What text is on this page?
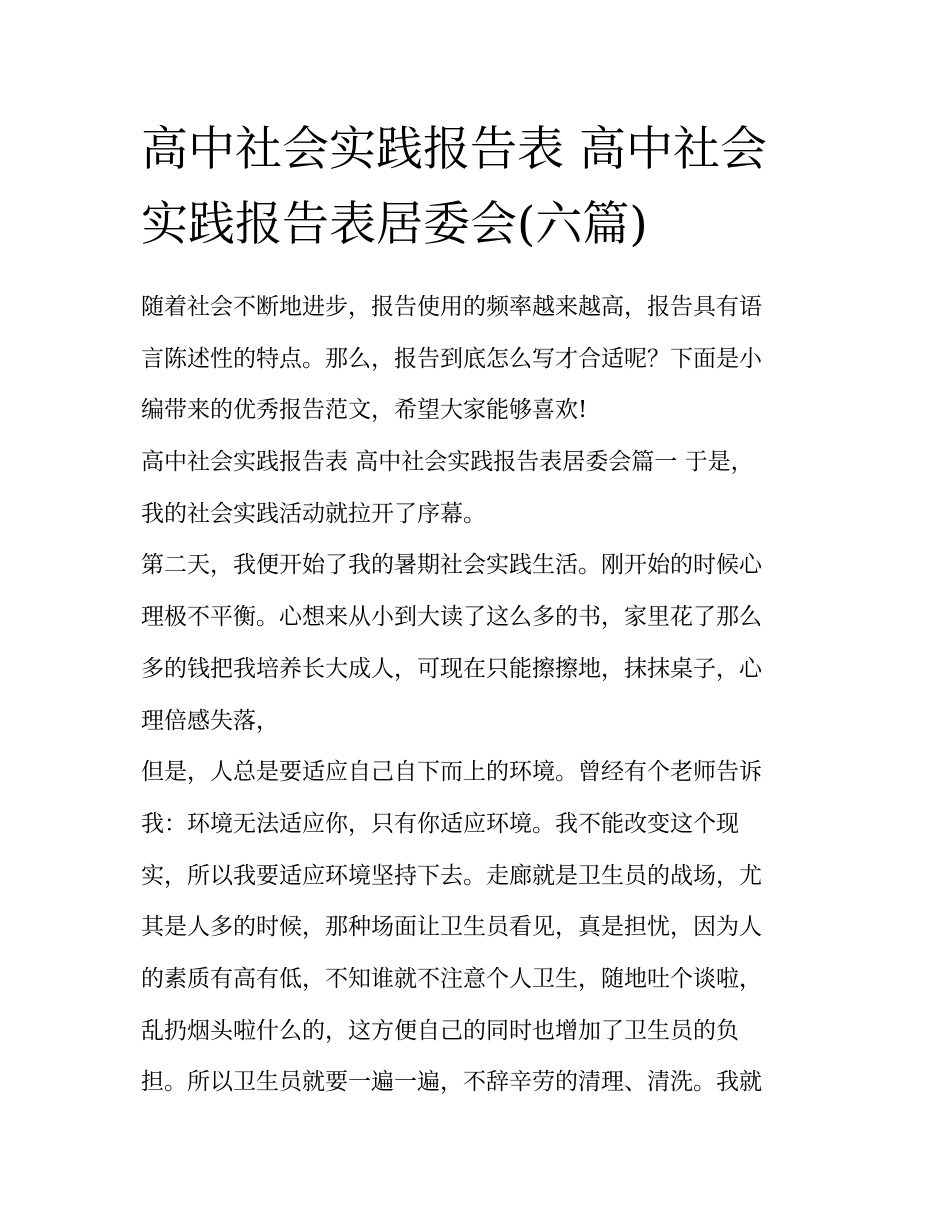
高中社会实践报告表 高中社会
实践报告表居委会(六篇)

随着社会不断地进步，报告使用的频率越来越高，报告具有语
言陈述性的特点。那么，报告到底怎么写才合适呢？下面是小
编带来的优秀报告范文，希望大家能够喜欢!

高中社会实践报告表 高中社会实践报告表居委会篇一 于是，
我的社会实践活动就拉开了序幕。

第二天，我便开始了我的暑期社会实践生活。刚开始的时候心
理极不平衡。心想来从小到大读了这么多的书，家里花了那么
多的钱把我培养长大成人，可现在只能擦擦地，抹抹桌子，心
理倍感失落，

但是，人总是要适应自己自下而上的环境。曾经有个老师告诉
我：环境无法适应你，只有你适应环境。我不能改变这个现
实，所以我要适应环境坚持下去。走廊就是卫生员的战场，尤
其是人多的时候，那种场面让卫生员看见，真是担忧，因为人
的素质有高有低，不知谁就不注意个人卫生，随地吐个谈啦，
乱扔烟头啦什么的，这方便自己的同时也增加了卫生员的负
担。所以卫生员就要一遍一遍，不辞辛劳的清理、清洗。我就
